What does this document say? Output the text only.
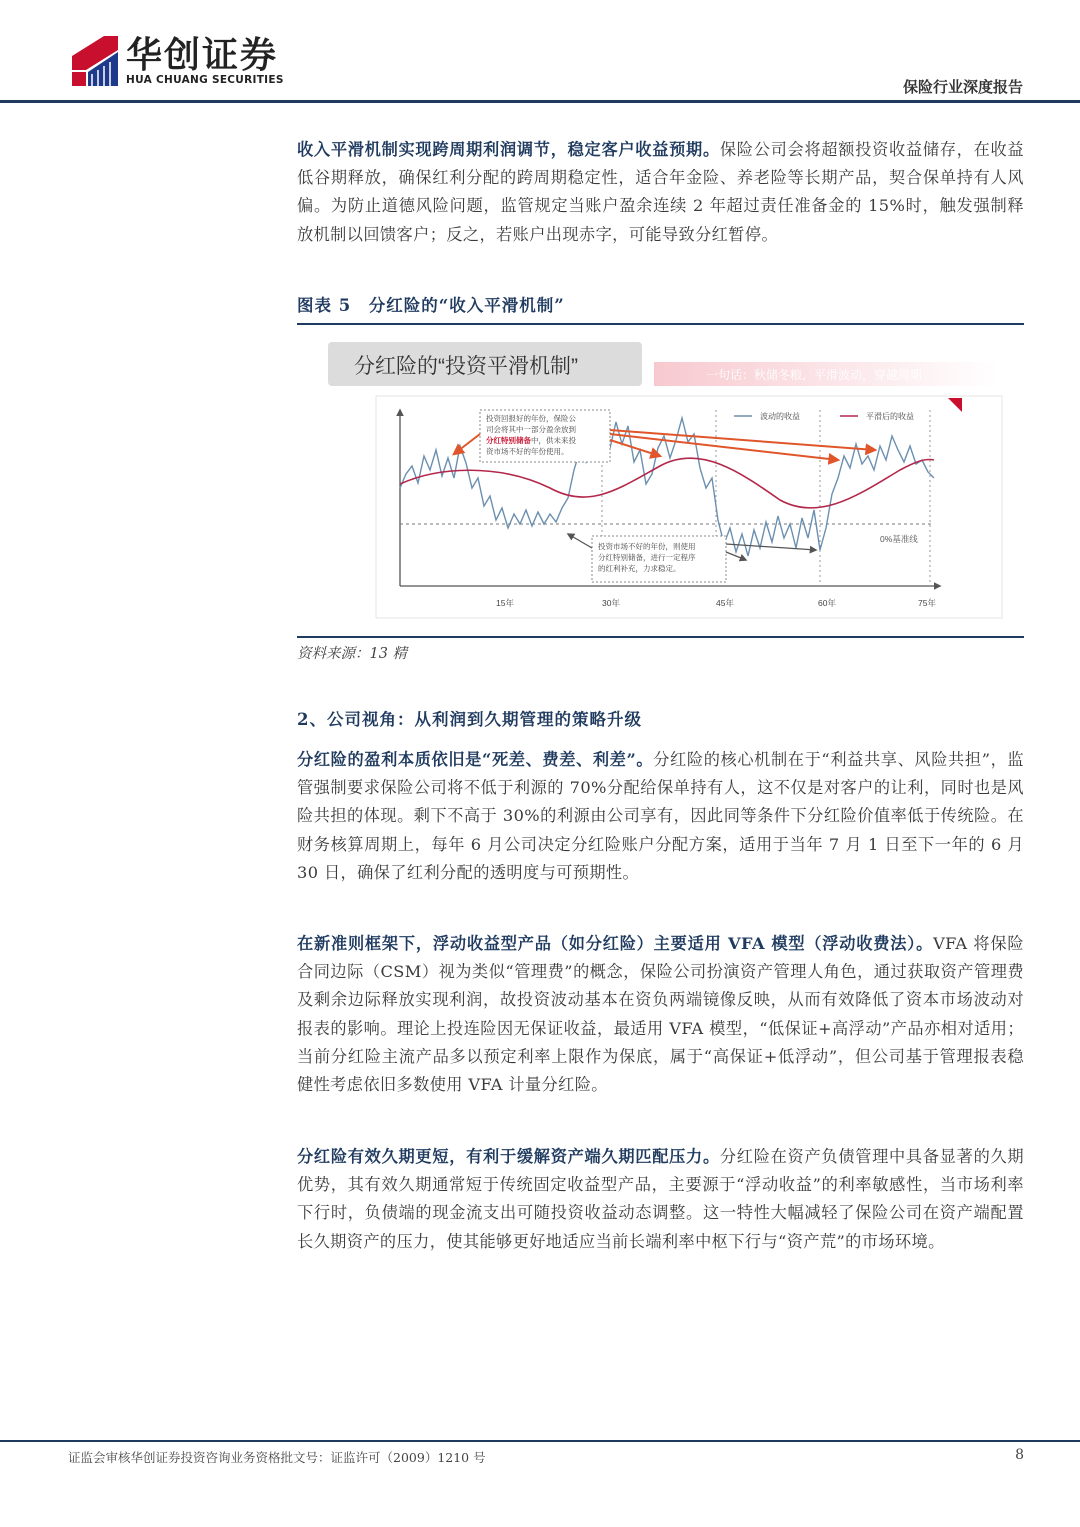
华创证券
HUA CHUANG SECURITIES	保险行业深度报告

收入平滑机制实现跨周期利润调节，稳定客户收益预期。保险公司会将超额投资收益储存，在收益低谷期释放，确保红利分配的跨周期稳定性，适合年金险、养老险等长期产品，契合保单持有人风偏。为防止道德风险问题，监管规定当账户盈余连续 2 年超过责任准备金的 15%时，触发强制释放机制以回馈客户；反之，若账户出现赤字，可能导致分红暂停。

图表 5　分红险的“收入平滑机制”
分红险的“投资平滑机制”	一句话：秋储冬粮，平滑波动，穿越周期
0%基准线
波动的收益	平滑后的收益
投资回报好的年份，保险公 司会将其中一部分盈余放到 分红特别储备中，供未来投 资市场不好的年份使用。
投资市场不好的年份，则使用 分红特别储备，进行一定程序 的红利补充，力求稳定。
15年	30年	45年	60年	75年
资料来源：13 精
2、公司视角：从利润到久期管理的策略升级

分红险的盈利本质依旧是“死差、费差、利差”。分红险的核心机制在于“利益共享、风险共担”，监管强制要求保险公司将不低于利源的 70%分配给保单持有人，这不仅是对客户的让利，同时也是风险共担的体现。剩下不高于 30%的利源由公司享有，因此同等条件下分红险价值率低于传统险。在财务核算周期上，每年 6 月公司决定分红险账户分配方案，适用于当年 7 月 1 日至下一年的 6 月 30 日，确保了红利分配的透明度与可预期性。

在新准则框架下，浮动收益型产品（如分红险）主要适用 VFA 模型（浮动收费法）。VFA 将保险合同边际（CSM）视为类似“管理费”的概念，保险公司扮演资产管理人角色，通过获取资产管理费及剩余边际释放实现利润，故投资波动基本在资负两端镜像反映，从而有效降低了资本市场波动对报表的影响。理论上投连险因无保证收益，最适用 VFA 模型，“低保证+高浮动”产品亦相对适用；当前分红险主流产品多以预定利率上限作为保底，属于“高保证+低浮动”，但公司基于管理报表稳健性考虑依旧多数使用 VFA 计量分红险。

分红险有效久期更短，有利于缓解资产端久期匹配压力。分红险在资产负债管理中具备显著的久期优势，其有效久期通常短于传统固定收益型产品，主要源于“浮动收益”的利率敏感性，当市场利率下行时，负债端的现金流支出可随投资收益动态调整。这一特性大幅减轻了保险公司在资产端配置长久期资产的压力，使其能够更好地适应当前长端利率中枢下行与“资产荒”的市场环境。

证监会审核华创证券投资咨询业务资格批文号：证监许可（2009）1210 号	8
